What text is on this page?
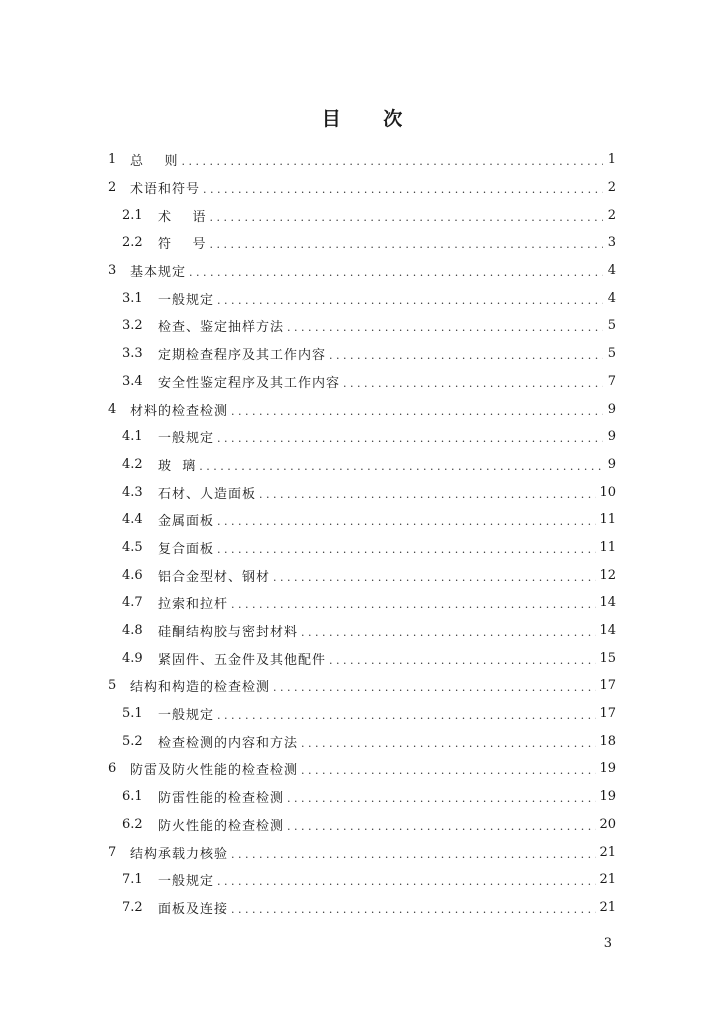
目 次
1	总    则 . . .	1
2	术语和符号 . . .	2
2.1	术    语 . . .	2
2.2	符    号 . . .	3
3	基本规定 . . .	4
3.1	一般规定 . . .	4
3.2	检查、鉴定抽样方法 . . .	5
3.3	定期检查程序及其工作内容 . . .	5
3.4	安全性鉴定程序及其工作内容 . . .	7
4	材料的检查检测 . . .	9
4.1	一般规定 . . .	9
4.2	玻  璃 . . .	9
4.3	石材、人造面板 . . .	10
4.4	金属面板 . . .	11
4.5	复合面板 . . .	11
4.6	铝合金型材、钢材 . . .	12
4.7	拉索和拉杆 . . .	14
4.8	硅酮结构胶与密封材料 . . .	14
4.9	紧固件、五金件及其他配件 . . .	15
5	结构和构造的检查检测 . . .	17
5.1	一般规定 . . .	17
5.2	检查检测的内容和方法 . . .	18
6	防雷及防火性能的检查检测 . . .	19
6.1	防雷性能的检查检测 . . .	19
6.2	防火性能的检查检测 . . .	20
7	结构承载力核验 . . .	21
7.1	一般规定 . . .	21
7.2	面板及连接 . . .	21
3
